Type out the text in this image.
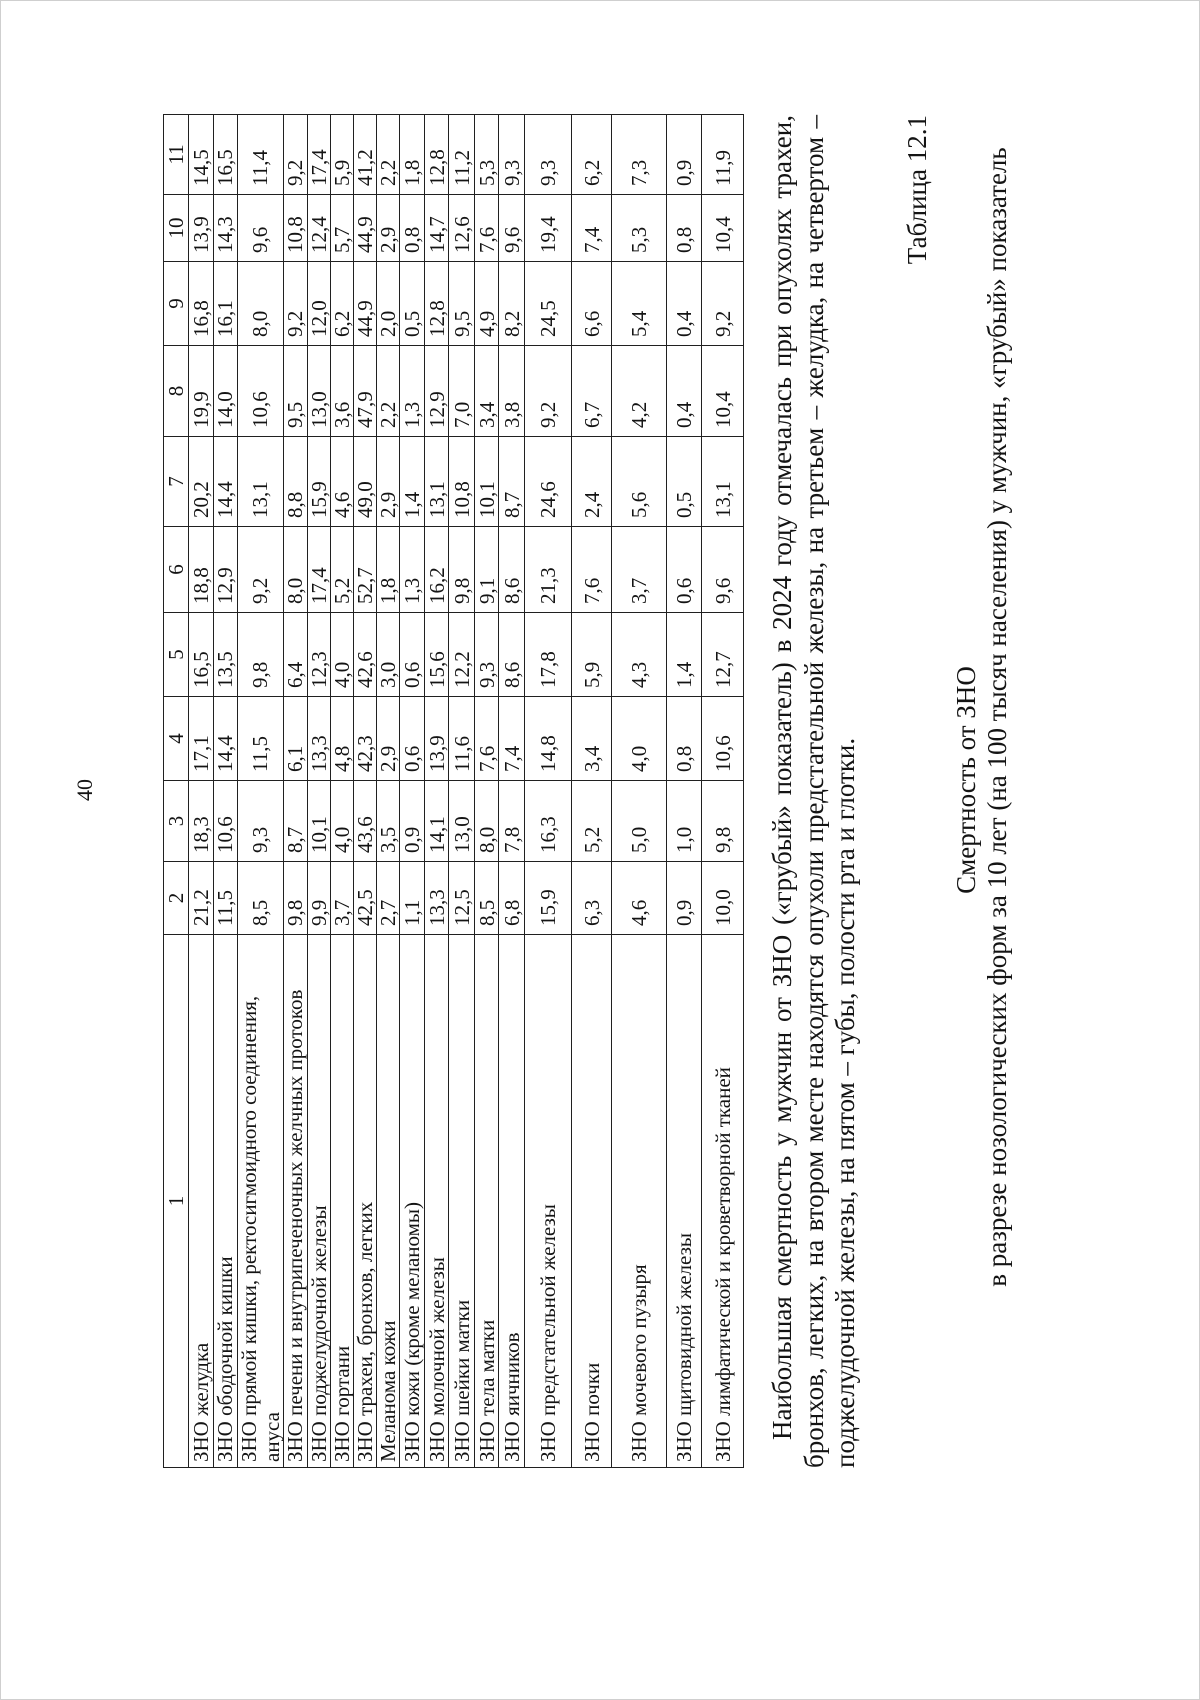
40
1	2	3	4	5	6	7	8	9	10	11
ЗНО желудка	21,2	18,3	17,1	16,5	18,8	20,2	19,9	16,8	13,9	14,5
ЗНО ободочной кишки	11,5	10,6	14,4	13,5	12,9	14,4	14,0	16,1	14,3	16,5
ЗНО прямой кишки, ректосигмоидного соединения, ануса	8,5	9,3	11,5	9,8	9,2	13,1	10,6	8,0	9,6	11,4
ЗНО печени и внутрипеченочных желчных протоков	9,8	8,7	6,1	6,4	8,0	8,8	9,5	9,2	10,8	9,2
ЗНО поджелудочной железы	9,9	10,1	13,3	12,3	17,4	15,9	13,0	12,0	12,4	17,4
ЗНО гортани	3,7	4,0	4,8	4,0	5,2	4,6	3,6	6,2	5,7	5,9
ЗНО трахеи, бронхов, легких	42,5	43,6	42,3	42,6	52,7	49,0	47,9	44,9	44,9	41,2
Меланома кожи	2,7	3,5	2,9	3,0	1,8	2,9	2,2	2,0	2,9	2,2
ЗНО кожи (кроме меланомы)	1,1	0,9	0,6	0,6	1,3	1,4	1,3	0,5	0,8	1,8
ЗНО молочной железы	13,3	14,1	13,9	15,6	16,2	13,1	12,9	12,8	14,7	12,8
ЗНО шейки матки	12,5	13,0	11,6	12,2	9,8	10,8	7,0	9,5	12,6	11,2
ЗНО тела матки	8,5	8,0	7,6	9,3	9,1	10,1	3,4	4,9	7,6	5,3
ЗНО яичников	6,8	7,8	7,4	8,6	8,6	8,7	3,8	8,2	9,6	9,3
ЗНО предстательной железы	15,9	16,3	14,8	17,8	21,3	24,6	9,2	24,5	19,4	9,3
ЗНО почки	6,3	5,2	3,4	5,9	7,6	2,4	6,7	6,6	7,4	6,2
ЗНО мочевого пузыря	4,6	5,0	4,0	4,3	3,7	5,6	4,2	5,4	5,3	7,3
ЗНО щитовидной железы	0,9	1,0	0,8	1,4	0,6	0,5	0,4	0,4	0,8	0,9
ЗНО лимфатической и кроветворной тканей	10,0	9,8	10,6	12,7	9,6	13,1	10,4	9,2	10,4	11,9 Наибольшая смертность у мужчин от ЗНО («грубый» показатель) в 2024 году отмечалась при опухолях трахеи, бронхов, легких, на втором месте находятся опухоли предстательной железы, на третьем – желудка, на четвертом – поджелудочной железы, на пятом – губы, полости рта и глотки.
Таблица 12.1
Смертность от ЗНО в разрезе нозологических форм за 10 лет (на 100 тысяч населения) у мужчин, «грубый» показатель
